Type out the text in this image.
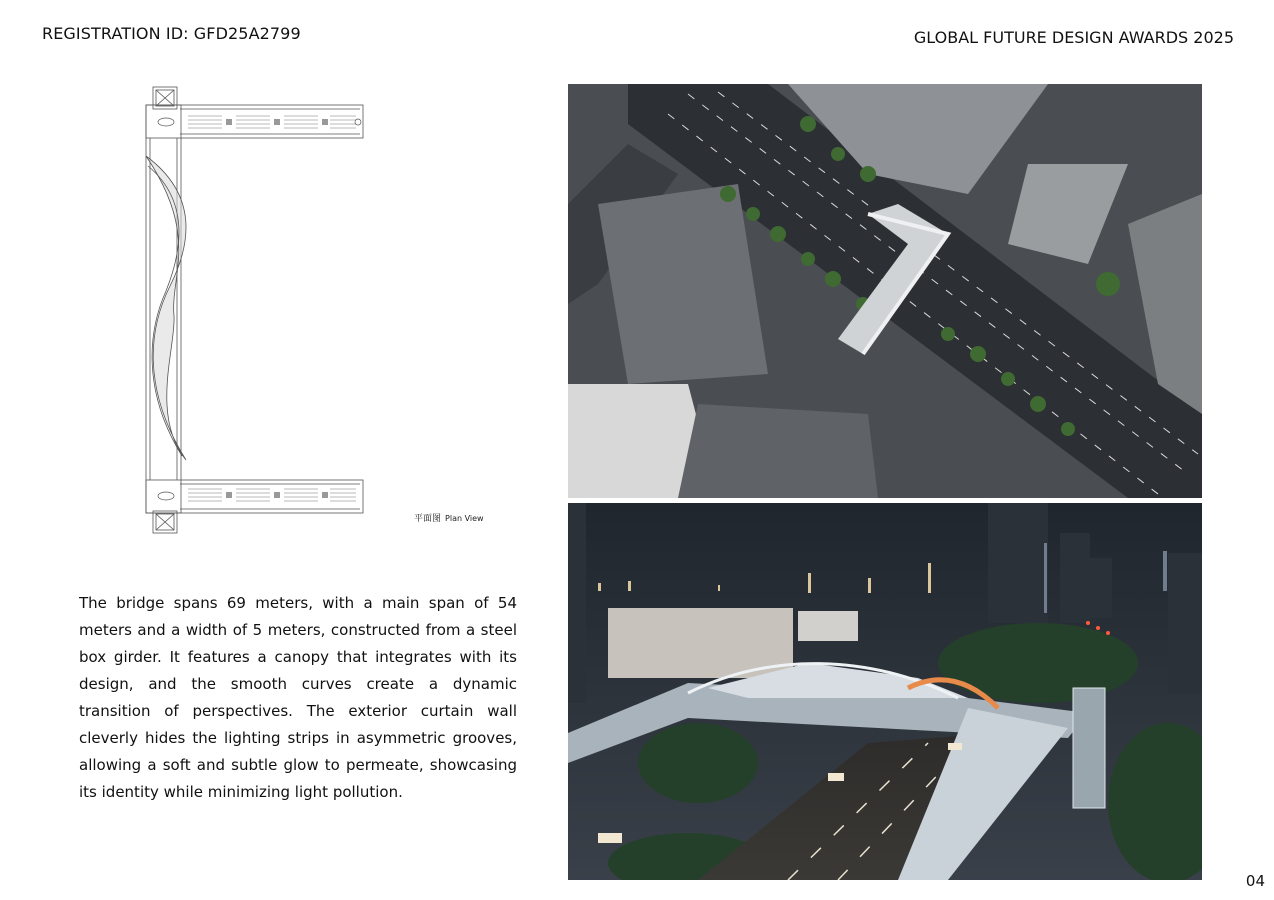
REGISTRATION ID: GFD25A2799	GLOBAL FUTURE DESIGN AWARDS 2025
平面图 Plan View

The bridge spans 69 meters, with a main span of 54 meters and a width of 5 meters, constructed from a steel box girder. It features a canopy that integrates with its design, and the smooth curves create a dynamic transition of perspectives. The exterior curtain wall cleverly hides the lighting strips in asymmetric grooves, allowing a soft and subtle glow to permeate, showcasing its identity while minimizing light pollution.

04
